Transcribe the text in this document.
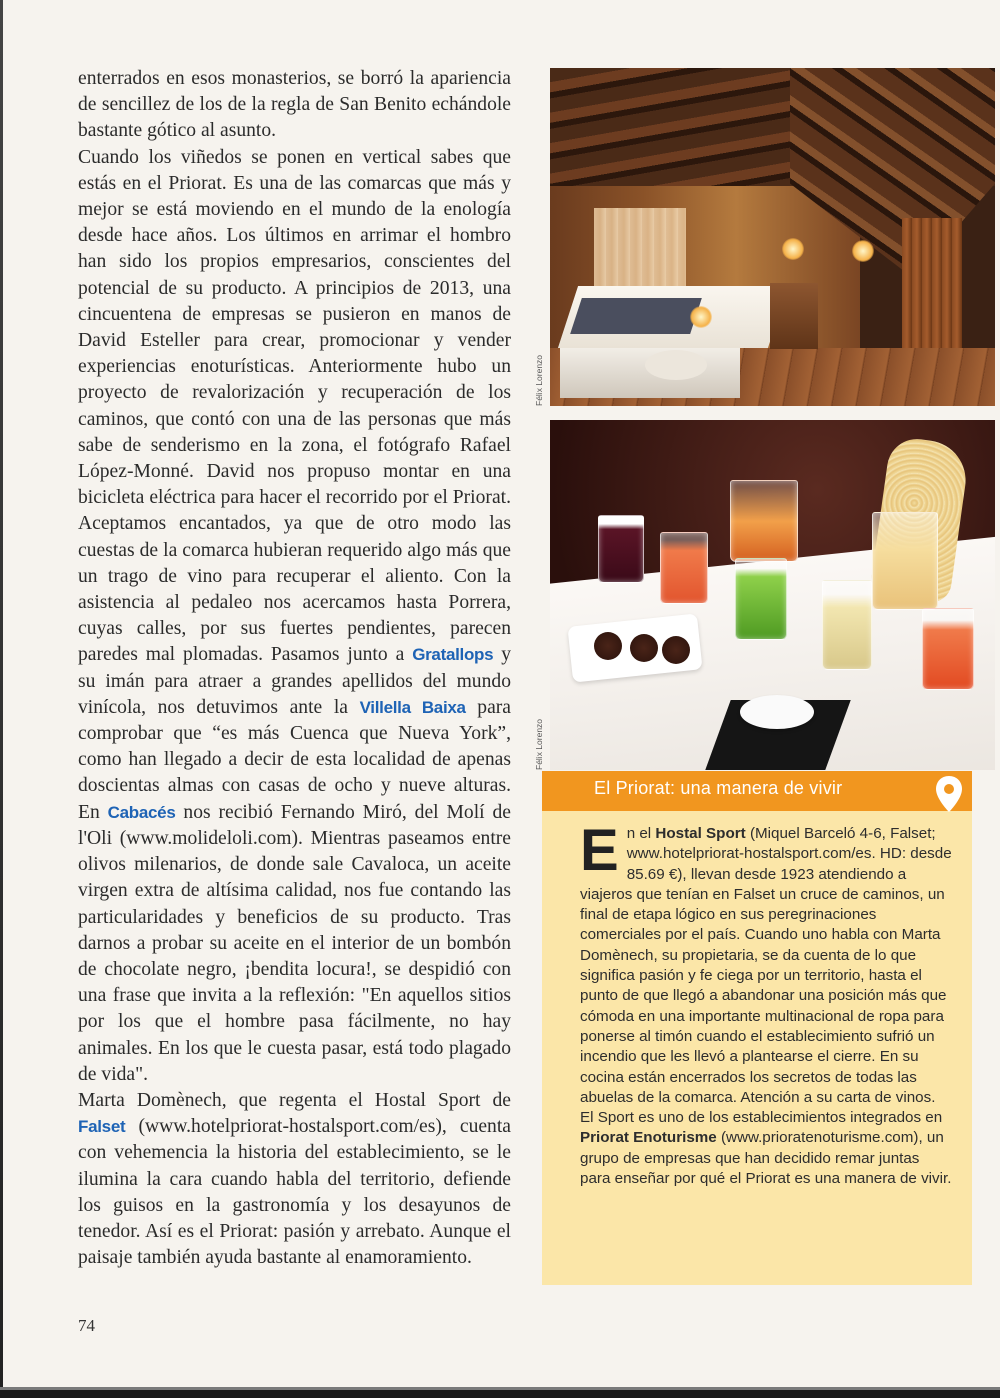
enterrados en esos monasterios, se borró la apariencia de sencillez de los de la regla de San Benito echándole bastante gótico al asunto.

Cuando los viñedos se ponen en vertical sabes que estás en el Priorat. Es una de las comarcas que más y mejor se está moviendo en el mundo de la enología desde hace años. Los últimos en arrimar el hombro han sido los propios empresarios, conscientes del potencial de su producto. A principios de 2013, una cincuentena de empresas se pusieron en manos de David Esteller para crear, promocionar y vender experiencias enoturísticas. Anteriormente hubo un proyecto de revalorización y recuperación de los caminos, que contó con una de las personas que más sabe de senderismo en la zona, el fotógrafo Rafael López-Monné. David nos propuso montar en una bicicleta eléctrica para hacer el recorrido por el Priorat. Aceptamos encantados, ya que de otro modo las cuestas de la comarca hubieran requerido algo más que un trago de vino para recuperar el aliento. Con la asistencia al pedaleo nos acercamos hasta Porrera, cuyas calles, por sus fuertes pendientes, parecen paredes mal plomadas. Pasamos junto a Gratallops y su imán para atraer a grandes apellidos del mundo vinícola, nos detuvimos ante la Villella Baixa para comprobar que “es más Cuenca que Nueva York”, como han llegado a decir de esta localidad de apenas doscientas almas con casas de ocho y nueve alturas. En Cabacés nos recibió Fernando Miró, del Molí de l'Oli (www.molideloli.com). Mientras paseamos entre olivos milenarios, de donde sale Cavaloca, un aceite virgen extra de altísima calidad, nos fue contando las particularidades y beneficios de su producto. Tras darnos a probar su aceite en el interior de un bombón de chocolate negro, ¡bendita locura!, se despidió con una frase que invita a la reflexión: "En aquellos sitios por los que el hombre pasa fácilmente, no hay animales. En los que le cuesta pasar, está todo plagado de vida".

Marta Domènech, que regenta el Hostal Sport de Falset (www.hotelpriorat-hostalsport.com/es), cuenta con vehemencia la historia del establecimiento, se le ilumina la cara cuando habla del territorio, defiende los guisos en la gastronomía y los desayunos de tenedor. Así es el Priorat: pasión y arrebato. Aunque el paisaje también ayuda bastante al enamoramiento.

74
Félix Lorenzo
Félix Lorenzo
El Priorat: una manera de vivir
En el Hostal Sport (Miquel Barceló 4-6, Falset; www.hotelpriorat-hostalsport.com/es. HD: desde 85.69 €), llevan desde 1923 atendiendo a viajeros que tenían en Falset un cruce de caminos, un final de etapa lógico en sus peregrinaciones comerciales por el país. Cuando uno habla con Marta Domènech, su propietaria, se da cuenta de lo que significa pasión y fe ciega por un territorio, hasta el punto de que llegó a abandonar una posición más que cómoda en una importante multinacional de ropa para ponerse al timón cuando el establecimiento sufrió un incendio que les llevó a plantearse el cierre. En su cocina están encerrados los secretos de todas las abuelas de la comarca. Atención a su carta de vinos. El Sport es uno de los establecimientos integrados en Priorat Enoturisme (www.prioratenoturisme.com), un grupo de empresas que han decidido remar juntas para enseñar por qué el Priorat es una manera de vivir.
